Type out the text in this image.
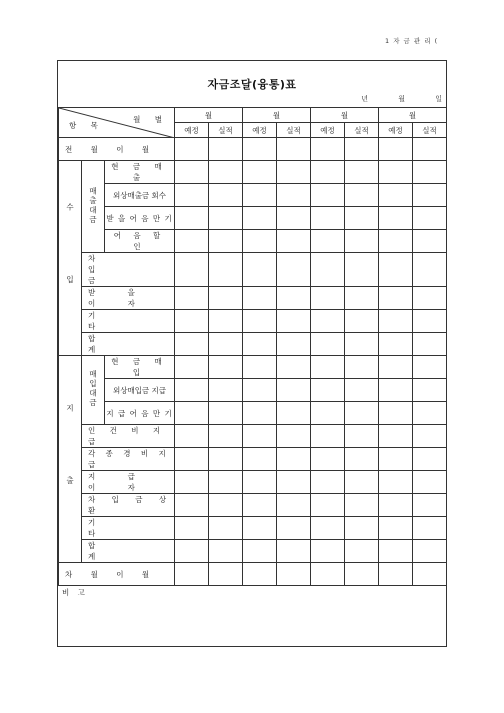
1 자 금 관 리 (
자금조달(융통)표
년	월	일
월 별
항 목			월		월		월		월	
			예정	실적	예정	실적	예정	실적	예정	실적
전 월 이 월										
수 입	매출대금	현 금 매 출								
		외상매출금 회수								
		받 을 어 음 만 기								
		어 음 할 인								
	차 입 금									
	받 을 이 자									
	기 타									
	합 계									
지 출	매입대금	현 금 매 입								
		외상매입금 지급								
		지 급 어 음 만 기								
	인 건 비 지 급									
	각 종 경 비 지 급									
	지 급 이 자									
	차 입 금 상 환									
	기 타									
	합 계									
차 월 이 월										
비 고
